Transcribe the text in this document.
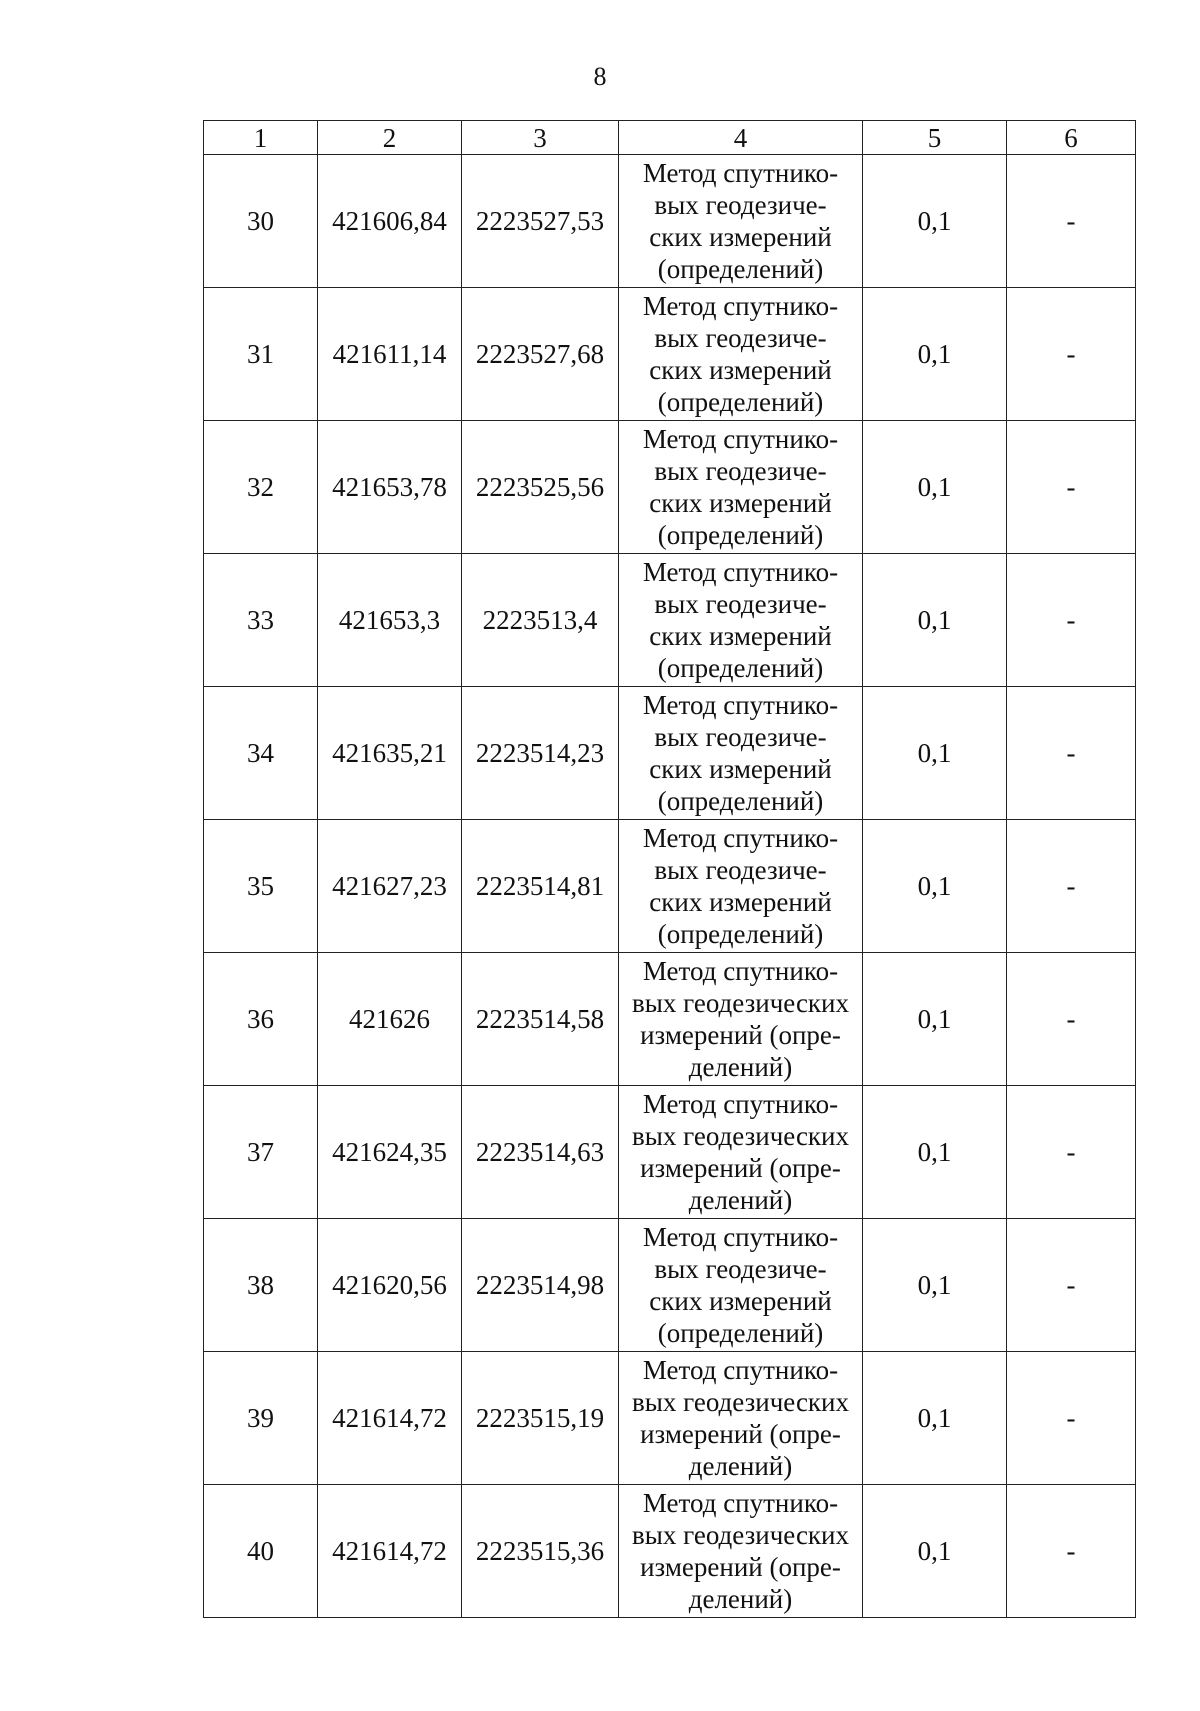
8
1	2	3	4	5	6
30	421606,84	2223527,53	Метод спутнико-
вых геодезиче-
ских измерений
(определений)	0,1	-
31	421611,14	2223527,68	Метод спутнико-
вых геодезиче-
ских измерений
(определений)	0,1	-
32	421653,78	2223525,56	Метод спутнико-
вых геодезиче-
ских измерений
(определений)	0,1	-
33	421653,3	2223513,4	Метод спутнико-
вых геодезиче-
ских измерений
(определений)	0,1	-
34	421635,21	2223514,23	Метод спутнико-
вых геодезиче-
ских измерений
(определений)	0,1	-
35	421627,23	2223514,81	Метод спутнико-
вых геодезиче-
ских измерений
(определений)	0,1	-
36	421626	2223514,58	Метод спутнико-
вых геодезических
измерений (опре-
делений)	0,1	-
37	421624,35	2223514,63	Метод спутнико-
вых геодезических
измерений (опре-
делений)	0,1	-
38	421620,56	2223514,98	Метод спутнико-
вых геодезиче-
ских измерений
(определений)	0,1	-
39	421614,72	2223515,19	Метод спутнико-
вых геодезических
измерений (опре-
делений)	0,1	-
40	421614,72	2223515,36	Метод спутнико-
вых геодезических
измерений (опре-
делений)	0,1	-
